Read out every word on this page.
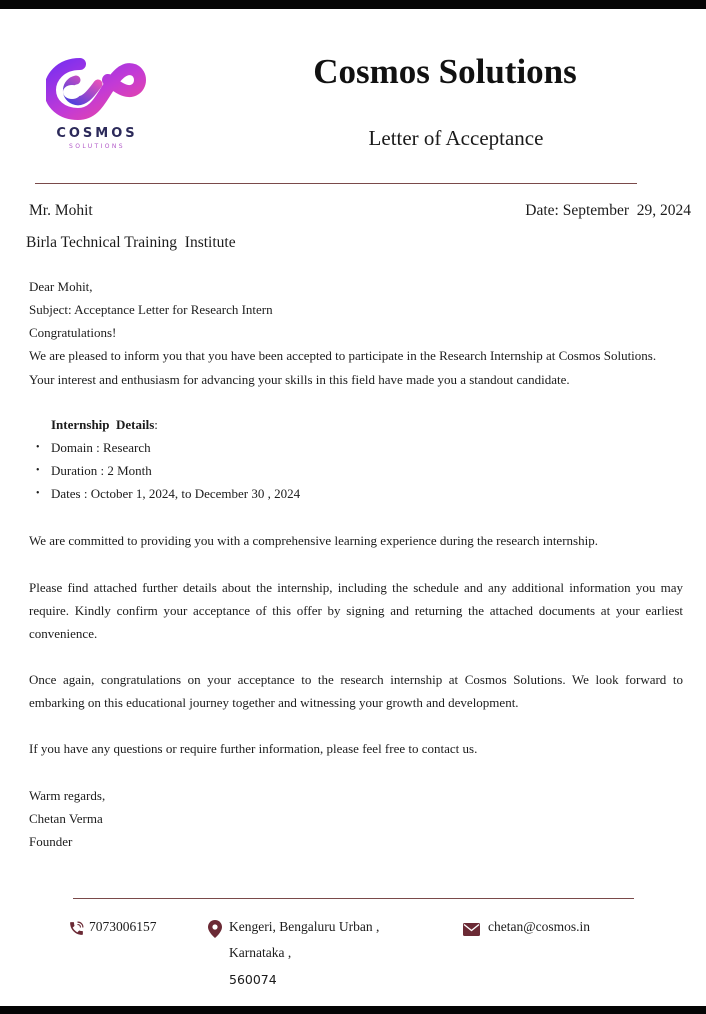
COSMOS
SOLUTIONS
Cosmos Solutions
Letter of Acceptance
Mr. Mohit	Date: September  29, 2024
Birla Technical Training  Institute
Dear Mohit,
Subject: Acceptance Letter for Research Intern
Congratulations!
We are pleased to inform you that you have been accepted to participate in the Research Internship at Cosmos Solutions.
Your interest and enthusiasm for advancing your skills in this field have made you a standout candidate.
Internship  Details:
• Domain : Research
• Duration : 2 Month
• Dates : October 1, 2024, to December 30 , 2024
We are committed to providing you with a comprehensive learning experience during the research internship.
Please find attached further details about the internship, including the schedule and any additional information you may require. Kindly confirm your acceptance of this offer by signing and returning the attached documents at your earliest convenience.
Once again, congratulations on your acceptance to the research internship at Cosmos Solutions. We look forward to embarking on this educational journey together and witnessing your growth and development.
If you have any questions or require further information, please feel free to contact us.
Warm regards,
Chetan Verma
Founder
7073006157	Kengeri, Bengaluru Urban ,
Karnataka ,
560074
chetan@cosmos.in
